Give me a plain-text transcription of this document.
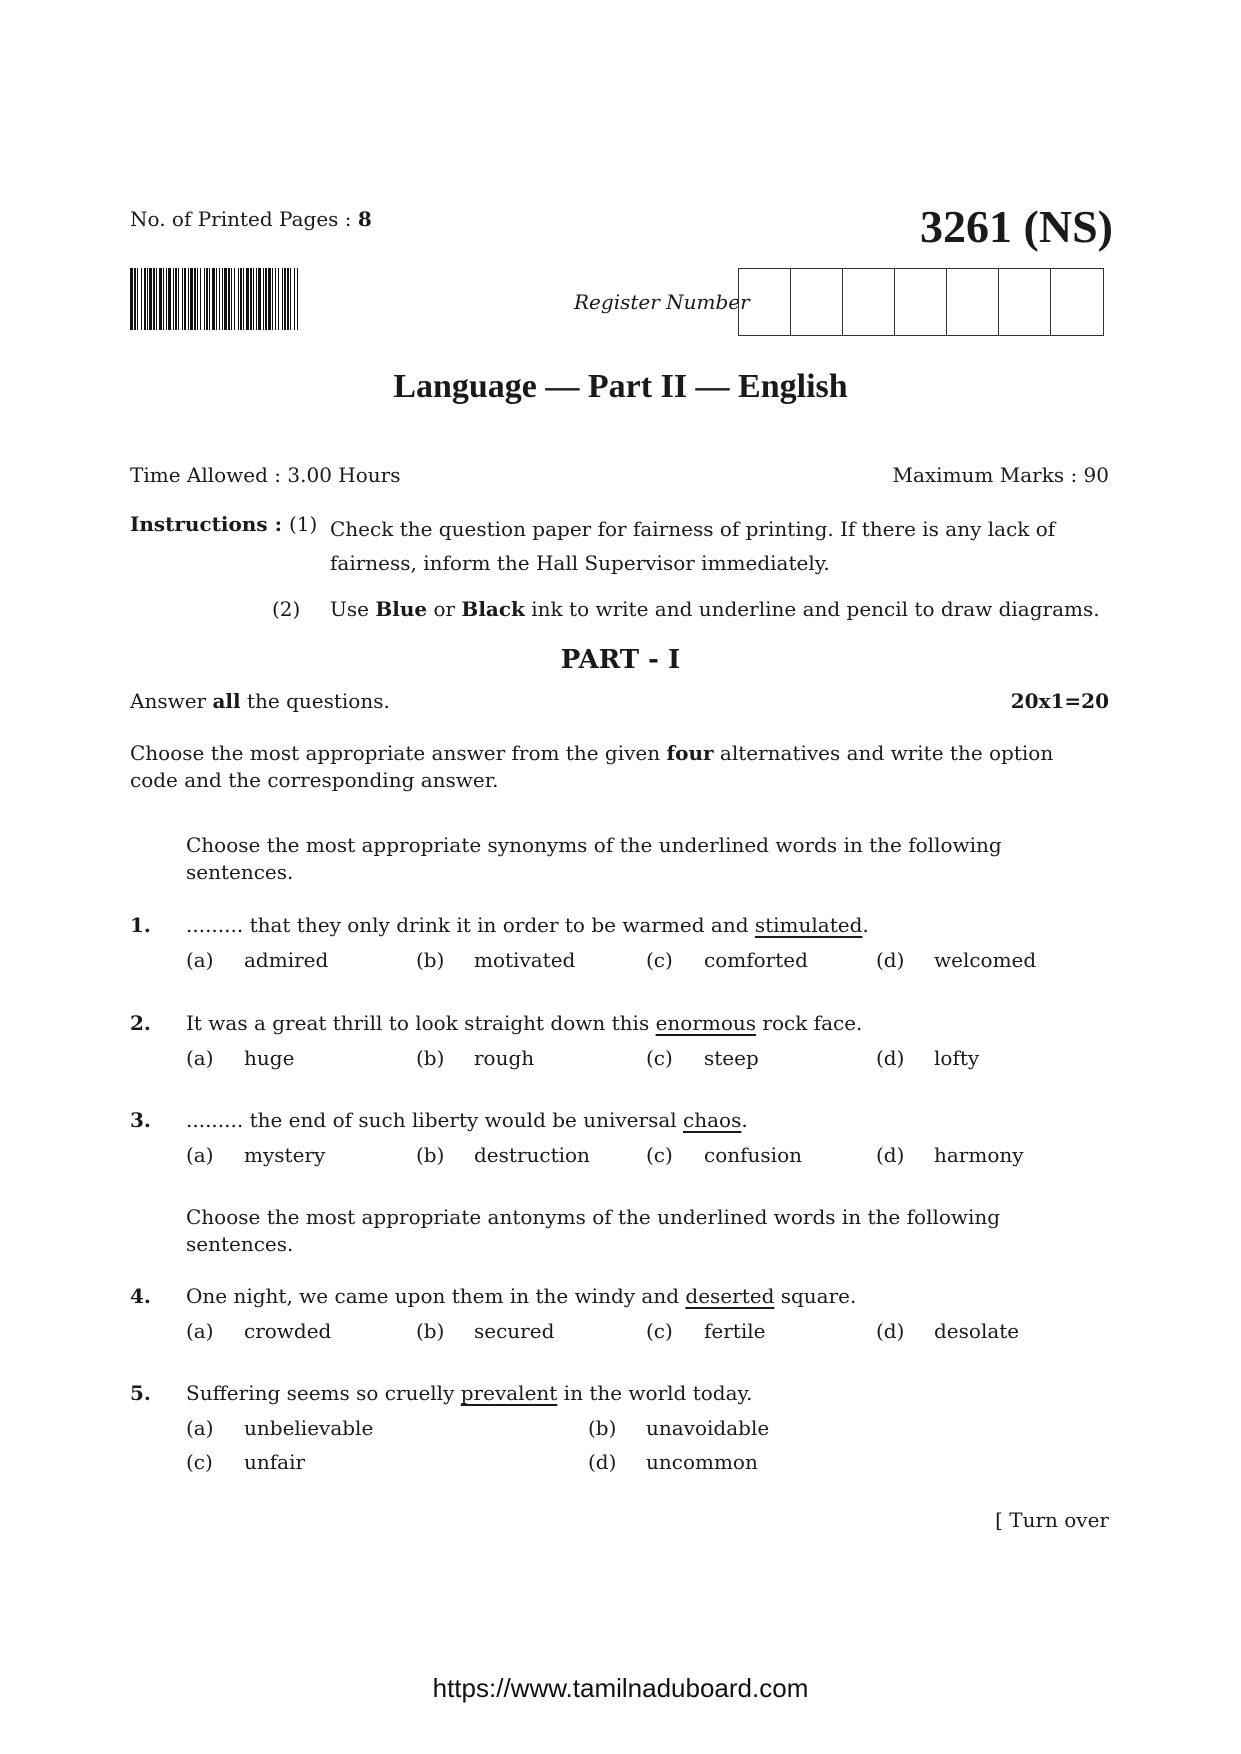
No. of Printed Pages : 8	3261 (NS)
Register Number
Language — Part II — English
Time Allowed : 3.00 Hours	Maximum Marks : 90
Instructions : (1) Check the question paper for fairness of printing. If there is any lack of fairness, inform the Hall Supervisor immediately.
(2) Use Blue or Black ink to write and underline and pencil to draw diagrams.
PART - I
Answer all the questions.	20x1=20
Choose the most appropriate answer from the given four alternatives and write the option code and the corresponding answer.
Choose the most appropriate synonyms of the underlined words in the following sentences.
Choose the most appropriate antonyms of the underlined words in the following sentences.
1. ......... that they only drink it in order to be warmed and stimulated.
(a) admired	(b) motivated	(c) comforted	(d) welcomed
2. It was a great thrill to look straight down this enormous rock face.
(a) huge	(b) rough	(c) steep	(d) lofty
3. ......... the end of such liberty would be universal chaos.
(a) mystery	(b) destruction	(c) confusion	(d) harmony
4. One night, we came upon them in the windy and deserted square.
(a) crowded	(b) secured	(c) fertile	(d) desolate
5. Suffering seems so cruelly prevalent in the world today.
(a) unbelievable	(b) unavoidable
(c) unfair	(d) uncommon
[ Turn over
https://www.tamilnaduboard.com
